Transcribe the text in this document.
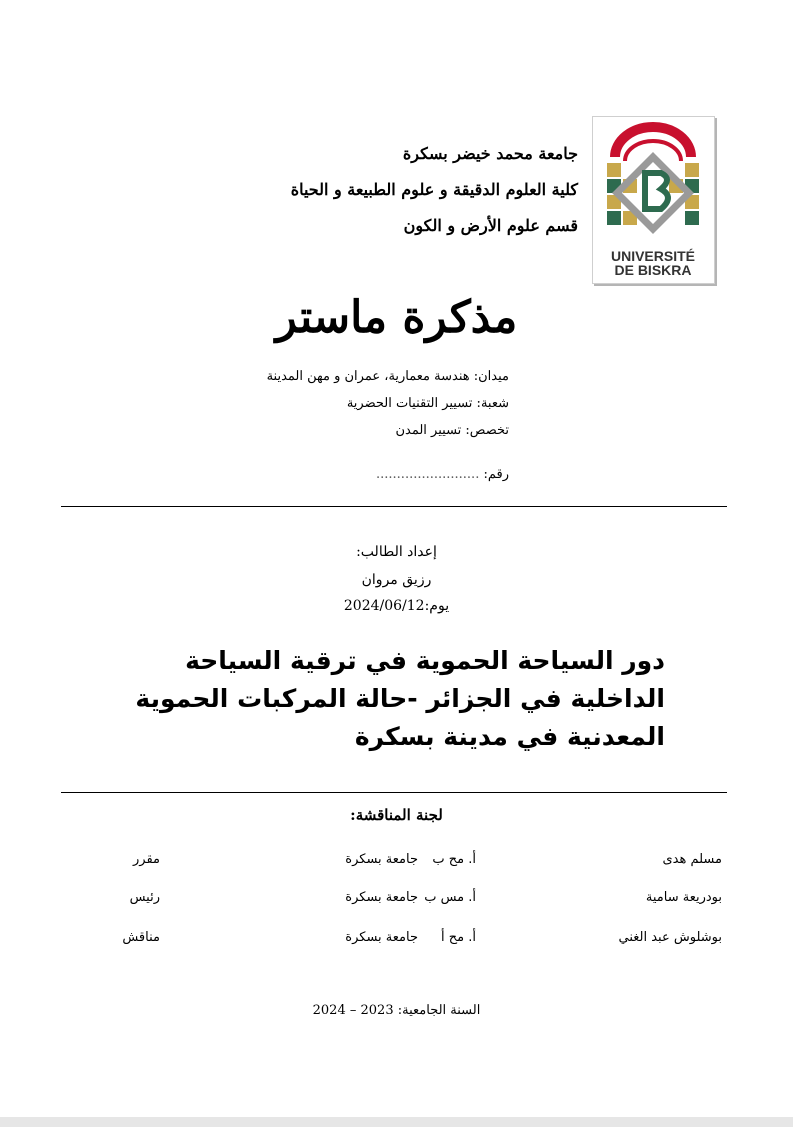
جامعة محمد خيضر بسكرة
كلية العلوم الدقيقة و علوم الطبيعة و الحياة
قسم علوم الأرض و الكون
UNIVERSITÉ
DE BISKRA
مذكرة ماستر
ميدان: هندسة معمارية، عمران و مهن المدينة
شعبة: تسيير التقنيات الحضرية
تخصص: تسيير المدن
رقم: .........................
إعداد الطالب:
رزيق مروان
يوم:2024/06/12
دور السياحة الحموية في ترقية السياحة الداخلية في الجزائر -حالة المركبات الحموية المعدنية في مدينة بسكرة
لجنة المناقشة:
مسلم هدى
أ. مح ب
جامعة بسكرة
مقرر
بودريعة سامية
أ. مس ب
جامعة بسكرة
رئيس
بوشلوش عبد الغني
أ. مح أ
جامعة بسكرة
مناقش
السنة الجامعية: 2023 – 2024
